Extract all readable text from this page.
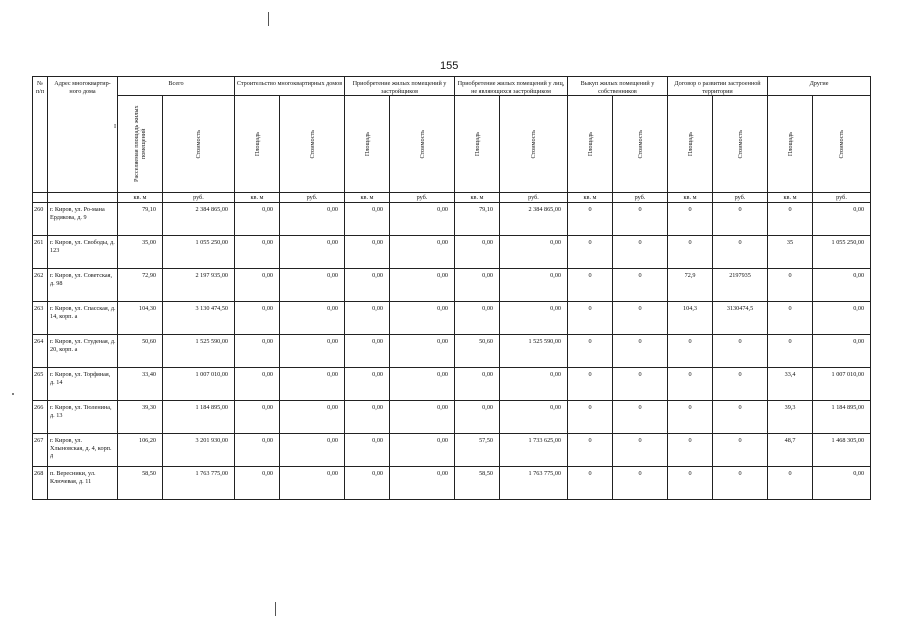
155
№ п/п	Адрес многоквартир-ного дома
I	Всего		Строительство многоквартирных домов		Приобретение жилых помещений у застройщиков		Приобретение жилых помещений у лиц, не являющихся застройщиком		Выкуп жилых помещений у собственников		Договор о развитии застроенной территории		Другие	

		Расселяемая площадь жилых помещений	Стоимость	Площадь	Стоимость	Площадь	Стоимость	Площадь	Стоимость	Площадь	Стоимость	Площадь	Стоимость	Площадь	Стоимость

		кв. м	руб.	кв. м	руб.	кв. м	руб.	кв. м	руб.	кв. м	руб.	кв. м	руб.	кв. м	руб.
260	г. Киров, ул. Ро-мана Ердякова, д. 9	79,10	2 384 865,00	0,00	0,00	0,00	0,00	79,10	2 384 865,00	0	0	0	0	0	0,00
261	г. Киров, ул. Свободы, д. 123	35,00	1 055 250,00	0,00	0,00	0,00	0,00	0,00	0,00	0	0	0	0	35	1 055 250,00
262	г. Киров, ул. Советская, д. 98	72,90	2 197 935,00	0,00	0,00	0,00	0,00	0,00	0,00	0	0	72,9	2197935	0	0,00
263	г. Киров, ул. Спасская, д. 14, корп. а	104,30	3 130 474,50	0,00	0,00	0,00	0,00	0,00	0,00	0	0	104,3	3130474,5	0	0,00
264	г. Киров, ул. Студеная, д. 20, корп. а	50,60	1 525 590,00	0,00	0,00	0,00	0,00	50,60	1 525 590,00	0	0	0	0	0	0,00
265	г. Киров, ул. Торфяная, д. 14	33,40	1 007 010,00	0,00	0,00	0,00	0,00	0,00	0,00	0	0	0	0	33,4	1 007 010,00
266	г. Киров, ул. Тюленина, д. 13	39,30	1 184 895,00	0,00	0,00	0,00	0,00	0,00	0,00	0	0	0	0	39,3	1 184 895,00
267	г. Киров, ул. Хлыновская, д. 4, корп. д	106,20	3 201 930,00	0,00	0,00	0,00	0,00	57,50	1 733 625,00	0	0	0	0	48,7	1 468 305,00
268	п. Вересники, ул. Ключевая, д. 11	58,50	1 763 775,00	0,00	0,00	0,00	0,00	58,50	1 763 775,00	0	0	0	0	0	0,00
